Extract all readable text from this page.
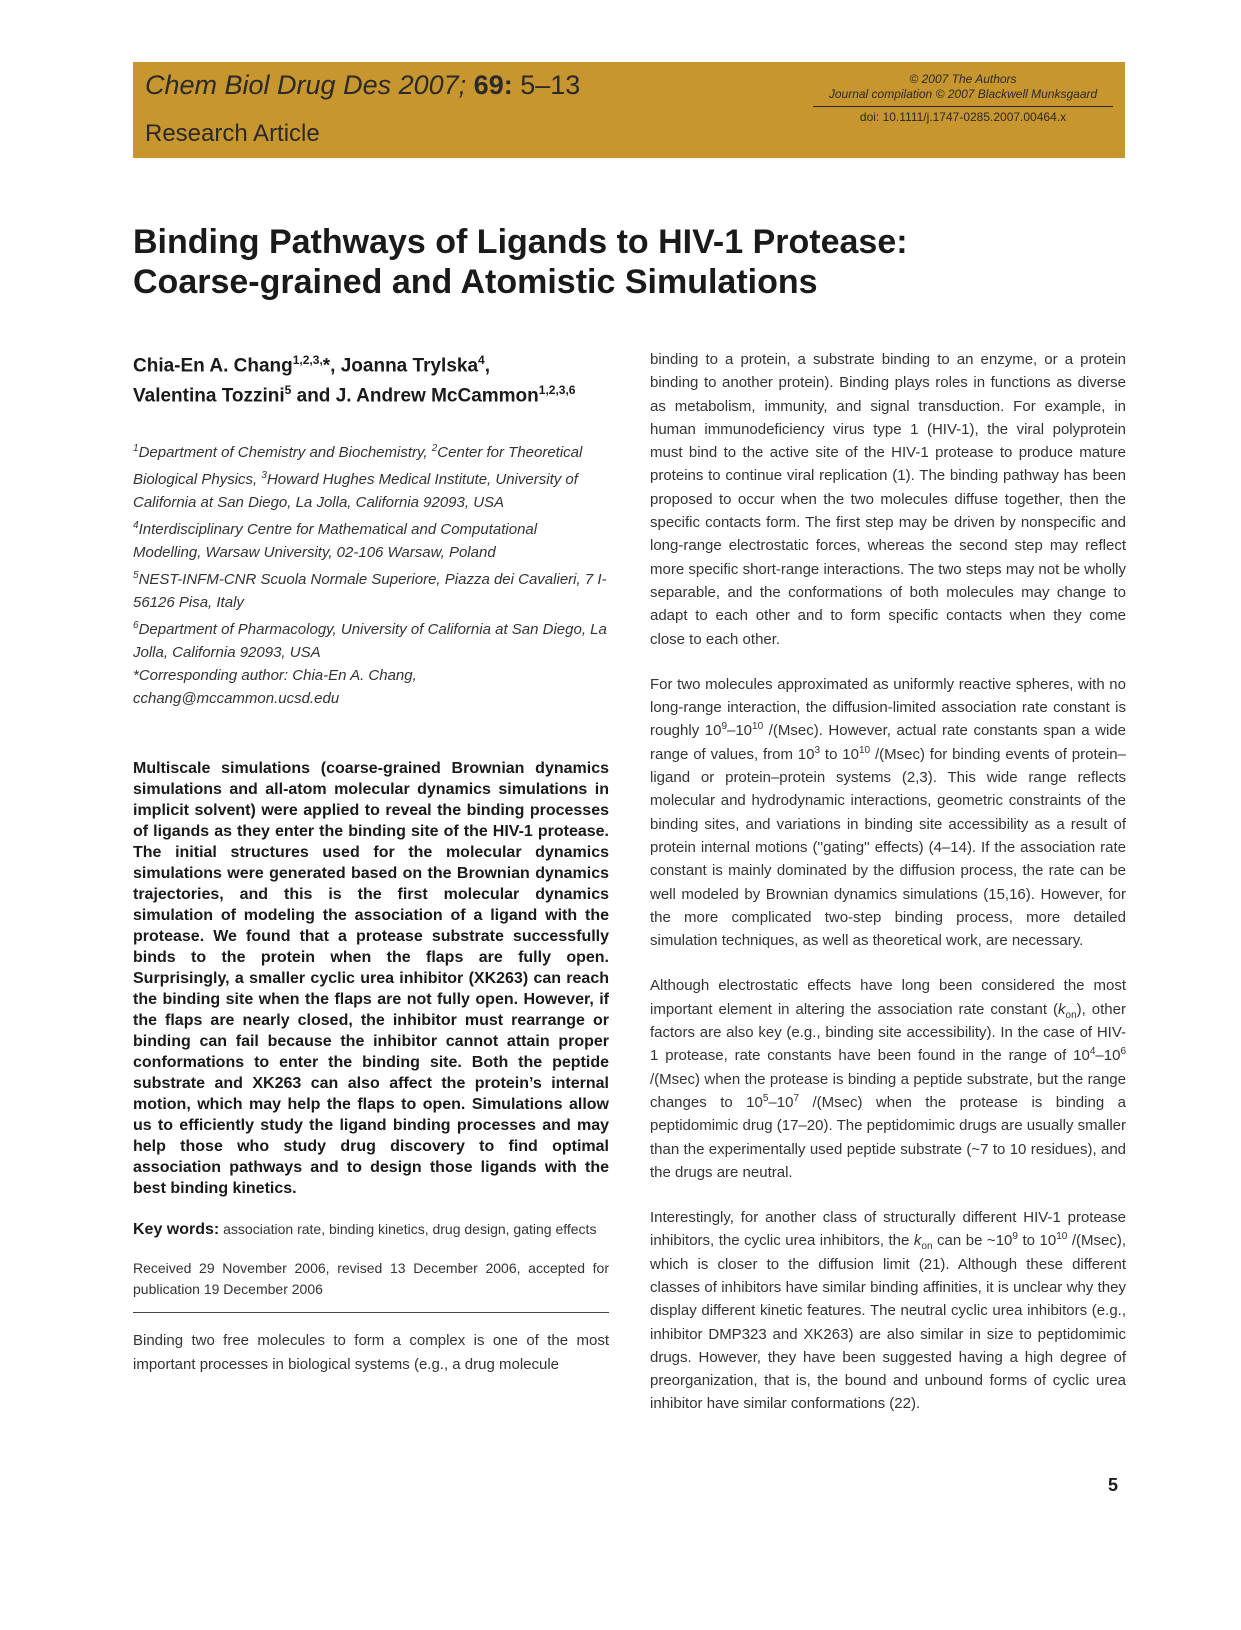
Chem Biol Drug Des 2007; 69: 5–13
Research Article
© 2007 The Authors
Journal compilation © 2007 Blackwell Munksgaard
doi: 10.1111/j.1747-0285.2007.00464.x
Binding Pathways of Ligands to HIV-1 Protease:
Coarse-grained and Atomistic Simulations
Chia-En A. Chang$^{1,2,3,}$*, Joanna Trylska$^4$,
Valentina Tozzini$^5$ and J. Andrew McCammon$^{1,2,3,6}$
$^1$Department of Chemistry and Biochemistry, $^2$Center for Theoretical Biological Physics, $^3$Howard Hughes Medical Institute, University of California at San Diego, La Jolla, California 92093, USA
$^4$Interdisciplinary Centre for Mathematical and Computational Modelling, Warsaw University, 02-106 Warsaw, Poland
$^5$NEST-INFM-CNR Scuola Normale Superiore, Piazza dei Cavalieri, 7 I-56126 Pisa, Italy
$^6$Department of Pharmacology, University of California at San Diego, La Jolla, California 92093, USA
*Corresponding author: Chia-En A. Chang,
cchang@mccammon.ucsd.edu
Multiscale simulations (coarse-grained Brownian dynamics simulations and all-atom molecular dynamics simulations in implicit solvent) were applied to reveal the binding processes of ligands as they enter the binding site of the HIV-1 protease. The initial structures used for the molecular dynamics simulations were generated based on the Brownian dynamics trajectories, and this is the first molecular dynamics simulation of modeling the association of a ligand with the protease. We found that a protease substrate successfully binds to the protein when the flaps are fully open. Surprisingly, a smaller cyclic urea inhibitor (XK263) can reach the binding site when the flaps are not fully open. However, if the flaps are nearly closed, the inhibitor must rearrange or binding can fail because the inhibitor cannot attain proper conformations to enter the binding site. Both the peptide substrate and XK263 can also affect the protein’s internal motion, which may help the flaps to open. Simulations allow us to efficiently study the ligand binding processes and may help those who study drug discovery to find optimal association pathways and to design those ligands with the best binding kinetics.
Key words: association rate, binding kinetics, drug design, gating effects
Received 29 November 2006, revised 13 December 2006, accepted for publication 19 December 2006
Binding two free molecules to form a complex is one of the most important processes in biological systems (e.g., a drug molecule

binding to a protein, a substrate binding to an enzyme, or a protein binding to another protein). Binding plays roles in functions as diverse as metabolism, immunity, and signal transduction. For example, in human immunodeficiency virus type 1 (HIV-1), the viral polyprotein must bind to the active site of the HIV-1 protease to produce mature proteins to continue viral replication (1). The binding pathway has been proposed to occur when the two molecules diffuse together, then the specific contacts form. The first step may be driven by nonspecific and long-range electrostatic forces, whereas the second step may reflect more specific short-range interactions. The two steps may not be wholly separable, and the conformations of both molecules may change to adapt to each other and to form specific contacts when they come close to each other.

For two molecules approximated as uniformly reactive spheres, with no long-range interaction, the diffusion-limited association rate constant is roughly $10^9-10^{10}$ /(Msec). However, actual rate constants span a wide range of values, from $10^3$ to $10^{10}$ /(Msec) for binding events of protein–ligand or protein–protein systems (2,3). This wide range reflects molecular and hydrodynamic interactions, geometric constraints of the binding sites, and variations in binding site accessibility as a result of protein internal motions (''gating'' effects) (4–14). If the association rate constant is mainly dominated by the diffusion process, the rate can be well modeled by Brownian dynamics simulations (15,16). However, for the more complicated two-step binding process, more detailed simulation techniques, as well as theoretical work, are necessary.

Although electrostatic effects have long been considered the most important element in altering the association rate constant $(k_{on})$, other factors are also key (e.g., binding site accessibility). In the case of HIV-1 protease, rate constants have been found in the range of $10^4-10^6$ /(Msec) when the protease is binding a peptide substrate, but the range changes to $10^5-10^7$ /(Msec) when the protease is binding a peptidomimic drug (17–20). The peptidomimic drugs are usually smaller than the experimentally used peptide substrate (~7 to 10 residues), and the drugs are neutral.

Interestingly, for another class of structurally different HIV-1 protease inhibitors, the cyclic urea inhibitors, the $k_{on}$ can be $\sim 10^9$ to $10^{10}$ /(Msec), which is closer to the diffusion limit (21). Although these different classes of inhibitors have similar binding affinities, it is unclear why they display different kinetic features. The neutral cyclic urea inhibitors (e.g., inhibitor DMP323 and XK263) are also similar in size to peptidomimic drugs. However, they have been suggested having a high degree of preorganization, that is, the bound and unbound forms of cyclic urea inhibitor have similar conformations (22).

5
